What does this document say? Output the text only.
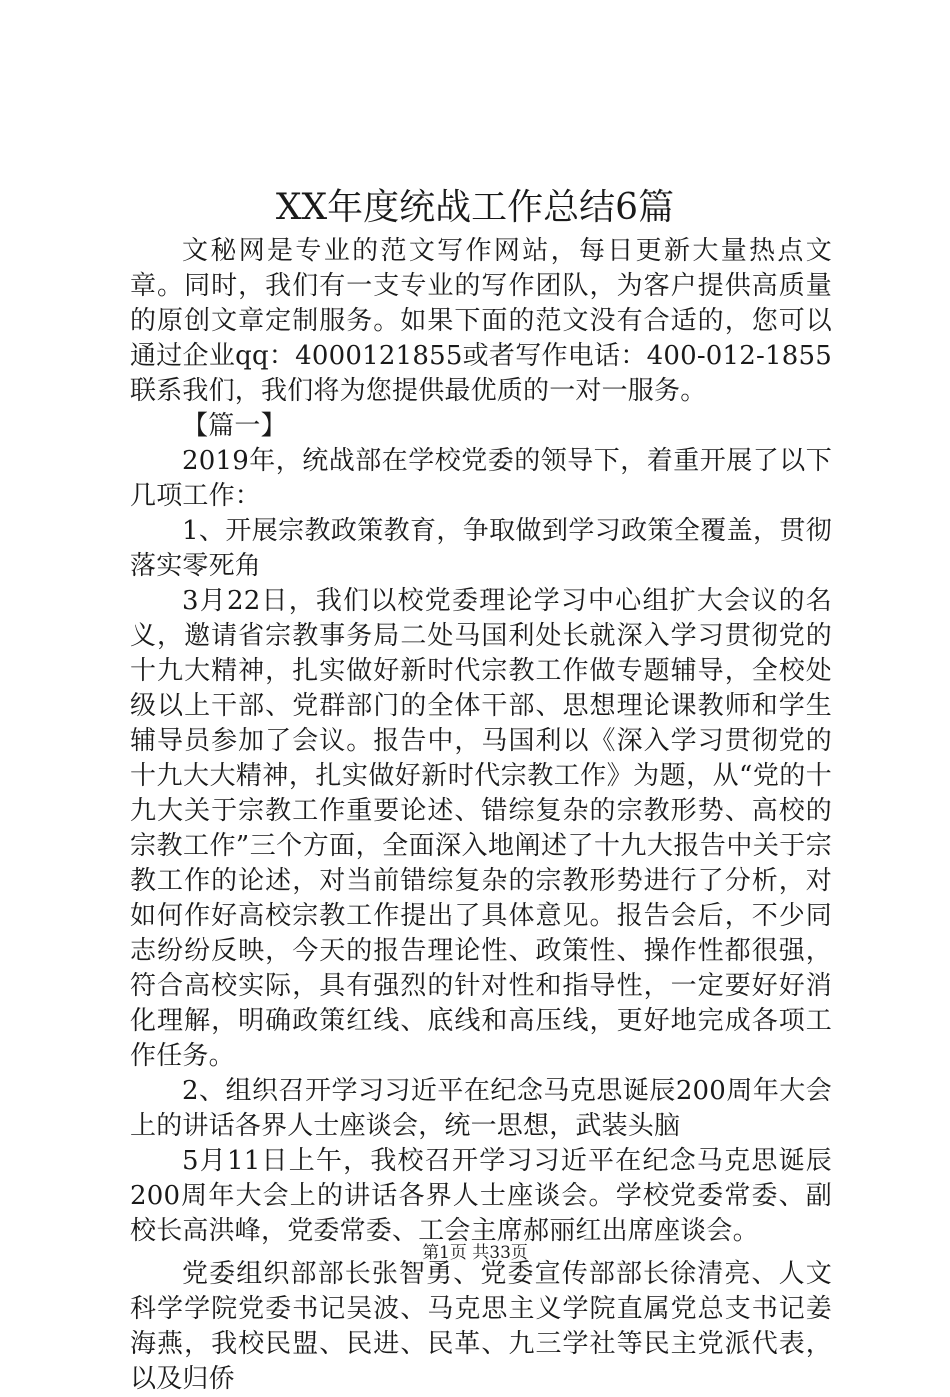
XX年度统战工作总结6篇

文秘网是专业的范文写作网站，每日更新大量热点文章。同时，我们有一支专业的写作团队，为客户提供高质量的原创文章定制服务。如果下面的范文没有合适的，您可以通过企业qq：4000121855或者写作电话：400-012-1855联系我们，我们将为您提供最优质的一对一服务。

【篇一】

2019年，统战部在学校党委的领导下，着重开展了以下几项工作：

1、开展宗教政策教育，争取做到学习政策全覆盖，贯彻落实零死角

3月22日，我们以校党委理论学习中心组扩大会议的名义，邀请省宗教事务局二处马国利处长就深入学习贯彻党的十九大精神，扎实做好新时代宗教工作做专题辅导，全校处级以上干部、党群部门的全体干部、思想理论课教师和学生辅导员参加了会议。报告中，马国利以《深入学习贯彻党的十九大大精神，扎实做好新时代宗教工作》为题，从“党的十九大关于宗教工作重要论述、错综复杂的宗教形势、高校的宗教工作”三个方面，全面深入地阐述了十九大报告中关于宗教工作的论述，对当前错综复杂的宗教形势进行了分析，对如何作好高校宗教工作提出了具体意见。报告会后，不少同志纷纷反映，今天的报告理论性、政策性、操作性都很强，符合高校实际，具有强烈的针对性和指导性，一定要好好消化理解，明确政策红线、底线和高压线，更好地完成各项工作任务。

2、组织召开学习习近平在纪念马克思诞辰200周年大会上的讲话各界人士座谈会，统一思想，武装头脑

5月11日上午，我校召开学习习近平在纪念马克思诞辰200周年大会上的讲话各界人士座谈会。学校党委常委、副校长高洪峰，党委常委、工会主席郝丽红出席座谈会。

党委组织部部长张智勇、党委宣传部部长徐清亮、人文科学学院党委书记吴波、马克思主义学院直属党总支书记姜海燕，我校民盟、民进、民革、九三学社等民主党派代表，以及归侨

第1页 共33页
